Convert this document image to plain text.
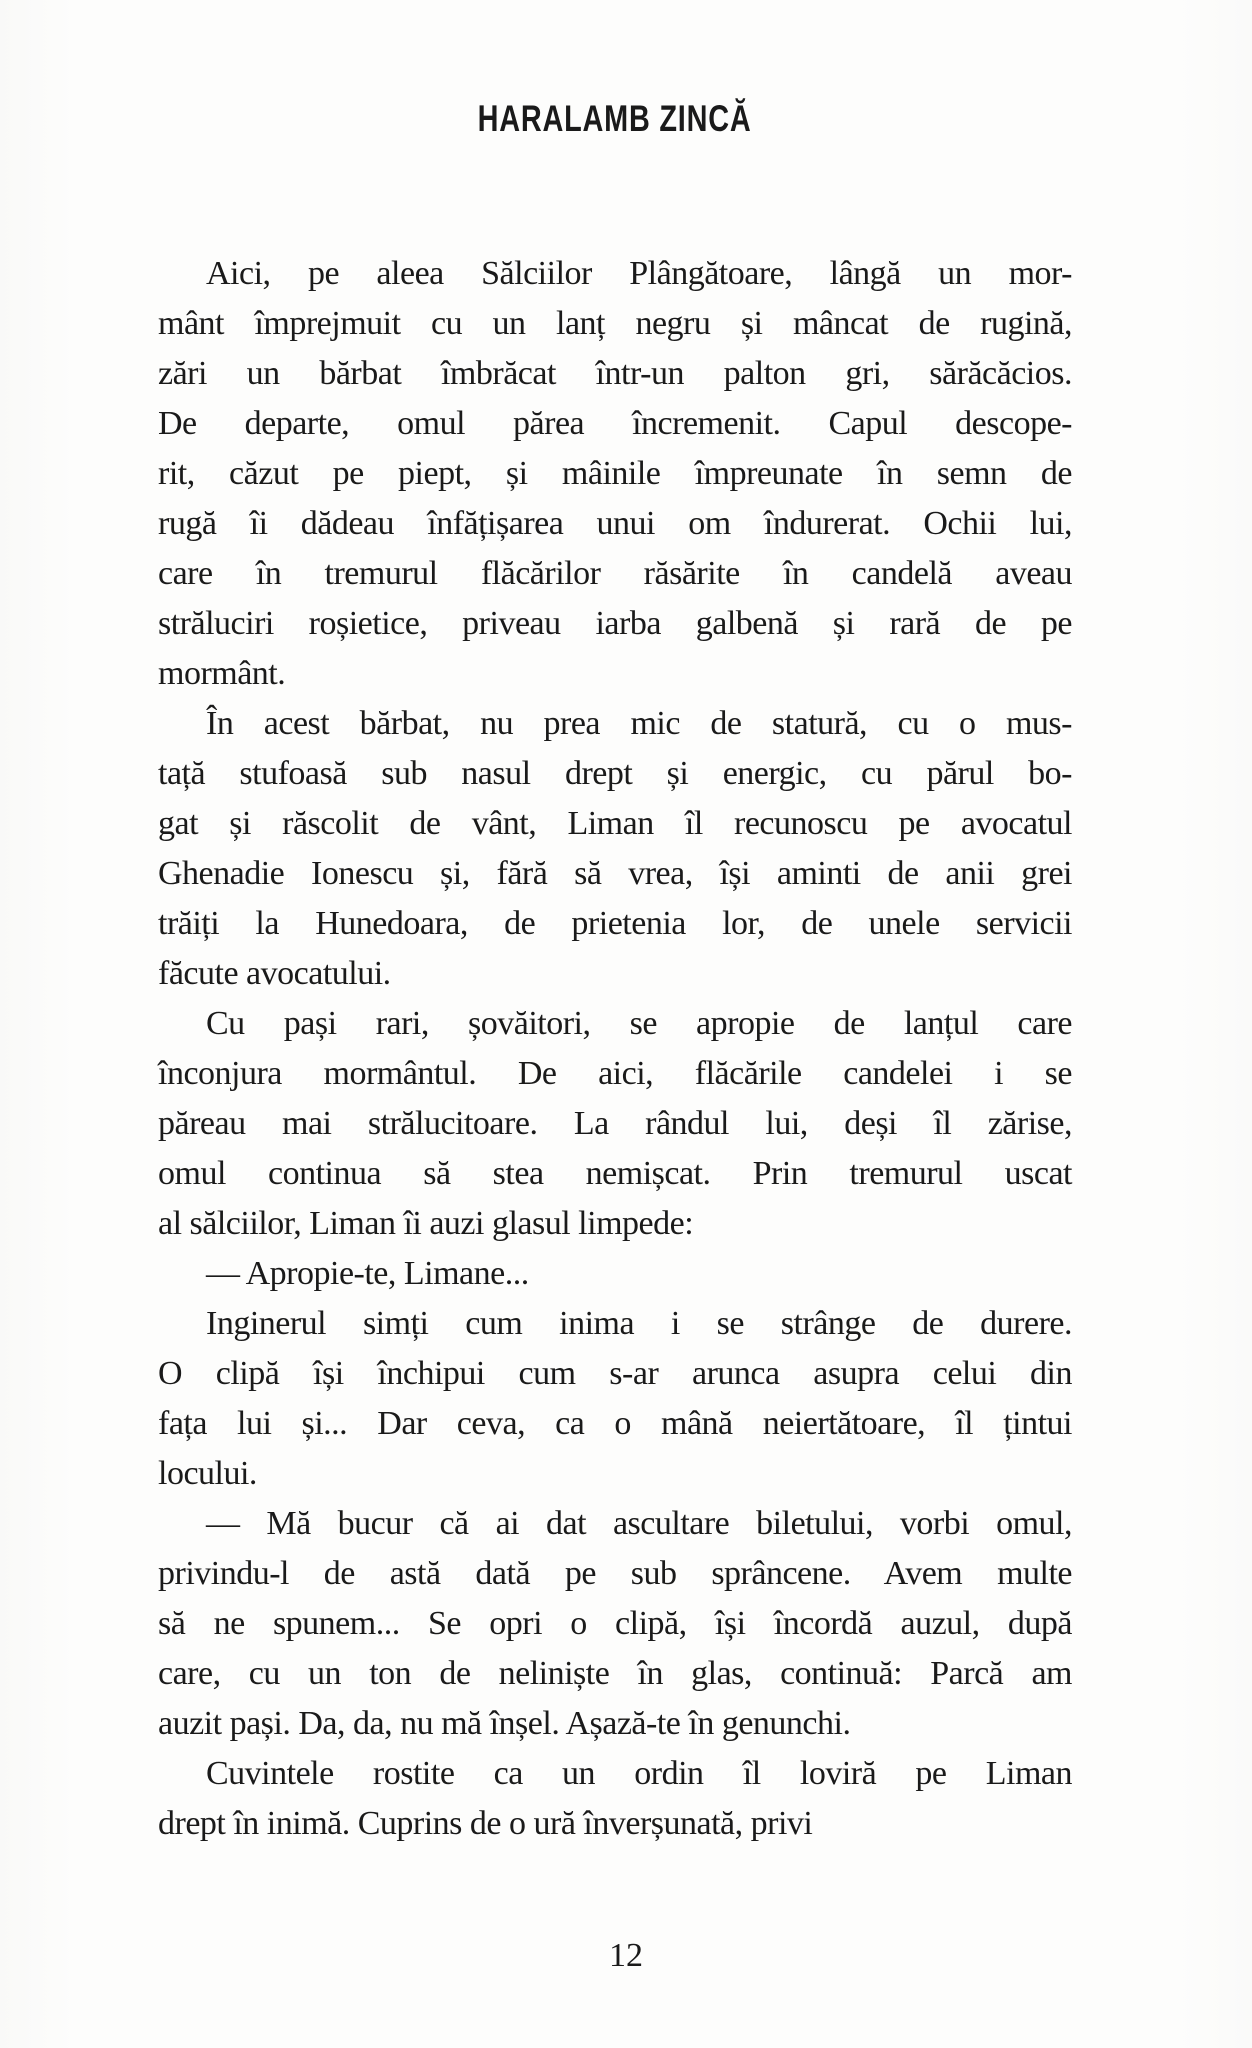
HARALAMB ZINCĂ
Aici, pe aleea Sălciilor Plângătoare, lângă un mor-
mânt împrejmuit cu un lanț negru și mâncat de rugină,
zări un bărbat îmbrăcat într-un palton gri, sărăcăcios.
De departe, omul părea încremenit. Capul descope-
rit, căzut pe piept, și mâinile împreunate în semn de
rugă îi dădeau înfățișarea unui om îndurerat. Ochii lui,
care în tremurul flăcărilor răsărite în candelă aveau
străluciri roșietice, priveau iarba galbenă și rară de pe
mormânt.
În acest bărbat, nu prea mic de statură, cu o mus-
tață stufoasă sub nasul drept și energic, cu părul bo-
gat și răscolit de vânt, Liman îl recunoscu pe avocatul
Ghenadie Ionescu și, fără să vrea, își aminti de anii grei
trăiți la Hunedoara, de prietenia lor, de unele servicii
făcute avocatului.
Cu pași rari, șovăitori, se apropie de lanțul care
înconjura mormântul. De aici, flăcările candelei i se
păreau mai strălucitoare. La rândul lui, deși îl zărise,
omul continua să stea nemișcat. Prin tremurul uscat
al sălciilor, Liman îi auzi glasul limpede:
— Apropie-te, Limane...
Inginerul simți cum inima i se strânge de durere.
O clipă își închipui cum s-ar arunca asupra celui din
fața lui și... Dar ceva, ca o mână neiertătoare, îl țintui
locului.
— Mă bucur că ai dat ascultare biletului, vorbi omul,
privindu-l de astă dată pe sub sprâncene. Avem multe
să ne spunem... Se opri o clipă, își încordă auzul, după
care, cu un ton de neliniște în glas, continuă: Parcă am
auzit pași. Da, da, nu mă înșel. Așază-te în genunchi.
Cuvintele rostite ca un ordin îl loviră pe Liman
drept în inimă. Cuprins de o ură înverșunată, privi
12
